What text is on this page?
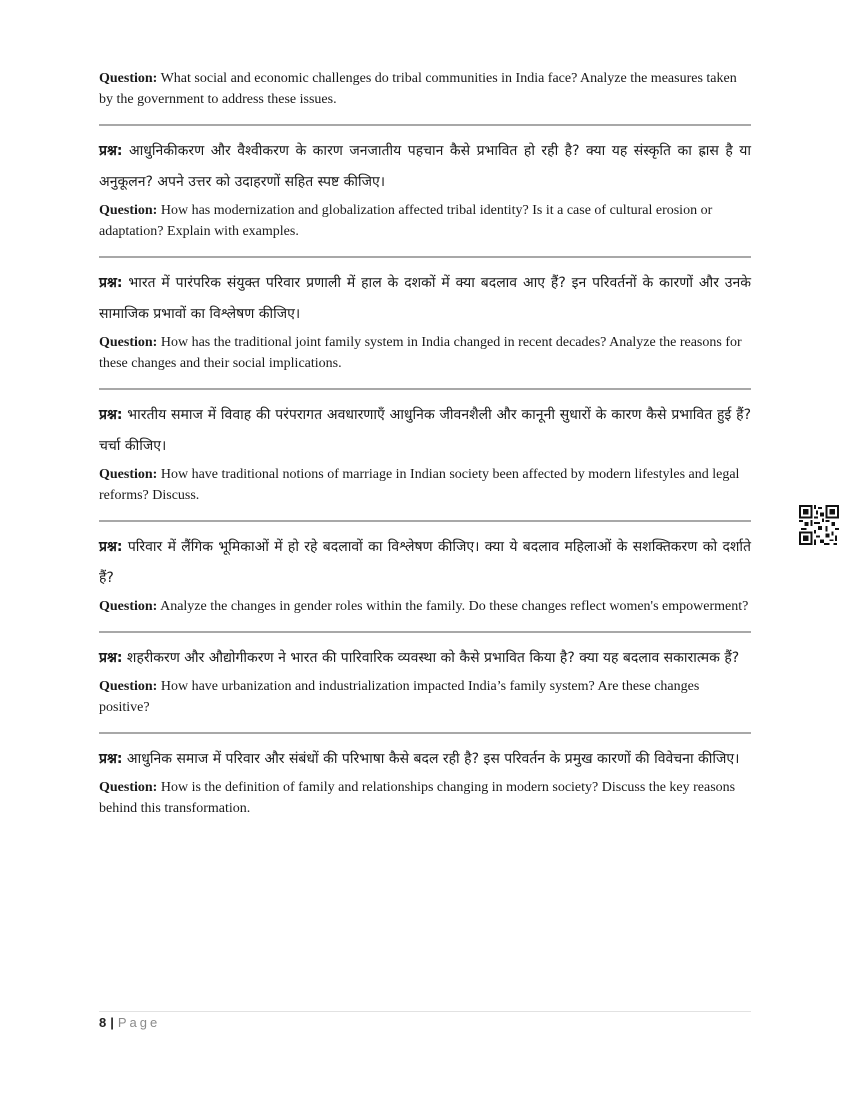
Question: What social and economic challenges do tribal communities in India face? Analyze the measures taken by the government to address these issues.

प्रश्न: आधुनिकीकरण और वैश्वीकरण के कारण जनजातीय पहचान कैसे प्रभावित हो रही है? क्या यह संस्कृति का ह्रास है या अनुकूलन? अपने उत्तर को उदाहरणों सहित स्पष्ट कीजिए।

Question: How has modernization and globalization affected tribal identity? Is it a case of cultural erosion or adaptation? Explain with examples.

प्रश्न: भारत में पारंपरिक संयुक्त परिवार प्रणाली में हाल के दशकों में क्या बदलाव आए हैं? इन परिवर्तनों के कारणों और उनके सामाजिक प्रभावों का विश्लेषण कीजिए।

Question: How has the traditional joint family system in India changed in recent decades? Analyze the reasons for these changes and their social implications.

प्रश्न: भारतीय समाज में विवाह की परंपरागत अवधारणाएँ आधुनिक जीवनशैली और कानूनी सुधारों के कारण कैसे प्रभावित हुई हैं? चर्चा कीजिए।

Question: How have traditional notions of marriage in Indian society been affected by modern lifestyles and legal reforms? Discuss.

प्रश्न: परिवार में लैंगिक भूमिकाओं में हो रहे बदलावों का विश्लेषण कीजिए। क्या ये बदलाव महिलाओं के सशक्तिकरण को दर्शाते हैं?

Question: Analyze the changes in gender roles within the family. Do these changes reflect women's empowerment?

प्रश्न: शहरीकरण और औद्योगीकरण ने भारत की पारिवारिक व्यवस्था को कैसे प्रभावित किया है? क्या यह बदलाव सकारात्मक हैं?

Question: How have urbanization and industrialization impacted India’s family system? Are these changes positive?

प्रश्न: आधुनिक समाज में परिवार और संबंधों की परिभाषा कैसे बदल रही है? इस परिवर्तन के प्रमुख कारणों की विवेचना कीजिए।

Question: How is the definition of family and relationships changing in modern society? Discuss the key reasons behind this transformation.

8 | Page
